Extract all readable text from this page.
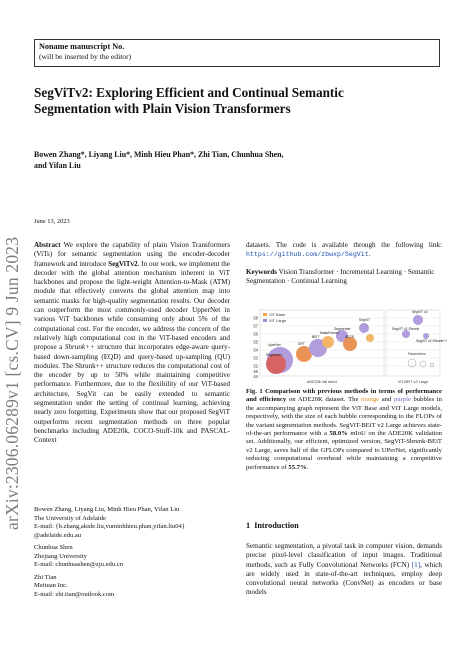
Noname manuscript No.
(will be inserted by the editor)
SegViTv2: Exploring Efficient and Continual Semantic
Segmentation with Plain Vision Transformers
Bowen Zhang*, Liyang Liu*, Minh Hieu Phan*, Zhi Tian, Chunhua Shen,
and Yifan Liu
June 13, 2023
arXiv:2306.06289v1 [cs.CV] 9 Jun 2023 Abstract We explore the capability of plain Vision Transformers (ViTs) for semantic segmentation using the encoder-decoder framework and introduce SegViTv2. In our work, we implement the decoder with the global attention mechanism inherent in ViT backbones and propose the light-weight Attention-to-Mask (ATM) module that effectively converts the global attention map into semantic masks for high-quality segmentation results. Our decoder can outperform the most commonly-used decoder UpperNet in various ViT backbones while consuming only about 5% of the computational cost. For the encoder, we address the concern of the relatively high computational cost in the ViT-based encoders and propose a Shrunk++ structure that incorporates edge-aware query-based down-sampling (EQD) and query-based up-sampling (QU) modules. The Shrunk++ structure reduces the computational cost of the encoder by up to 50% while maintaining competitive performance. Furthermore, due to the flexibility of our ViT-based architecture, SegVit can be easily extended to semantic segmentation under the setting of continual learning, achieving nearly zero forgetting. Experiments show that our proposed SegViT outperforms recent segmentation methods on three popular benchmarks including ADE20k, COCO-Stuff-10k and PASCAL-Context
Bowen Zhang, Liyang Liu, Minh Hieu Phan, Yifan Liu
The University of Adelaide
E-mail: {b.zhang,akide.liu,vuminhhieu.phan,yifan.liu04}
@adelaide.edu.au
Chunhua Shen
Zhejiang University
E-mail: chunhuashen@zju.edu.cn
Zhi Tian
Meituan Inc.
E-mail: zhi.tian@outlook.com
datasets. The code is available through the following link: https://github.com/zbwxp/SegVit.
Keywords Vision Transformer · Incremental Learning · Semantic Segmentation · Continual Learning
58
57
56
55
54
53
52
46
44
ViT Base
ViT Large
SegViT v2
SegViT v2 Shrunk
SegViT
Segmenter
SETR
UperNet
BEiT
DPT
Segformer
MaskFormer
SegViT v2 Shrunk++
Parameters
ADE20k Val mIoU	ViT-BEiT v2 Large
Fig. 1 Comparison with previous methods in terms of performance and efficiency on ADE20K dataset. The orange and purple bubbles in the accompanying graph represent the ViT Base and ViT Large models, respectively, with the size of each bubble corresponding to the FLOPs of the variant segmentation methods. SegViT-BEiT v2 Large achieves state-of-the-art performance with a 58.0% mIoU on the ADE20K validation set. Additionally, our efficient, optimized version, SegViT-Shrunk-BEiT v2 Large, saves half of the GFLOPs compared to UPerNet, significantly reducing computational overhead while maintaining a competitive performance of 55.7%.
1 Introduction
Semantic segmentation, a pivotal task in computer vision, demands precise pixel-level classification of input images. Traditional methods, such as Fully Convolutional Networks (FCN) [1], which are widely used in state-of-the-art techniques, employ deep convolutional neural networks (ConvNet) as encoders or base models
